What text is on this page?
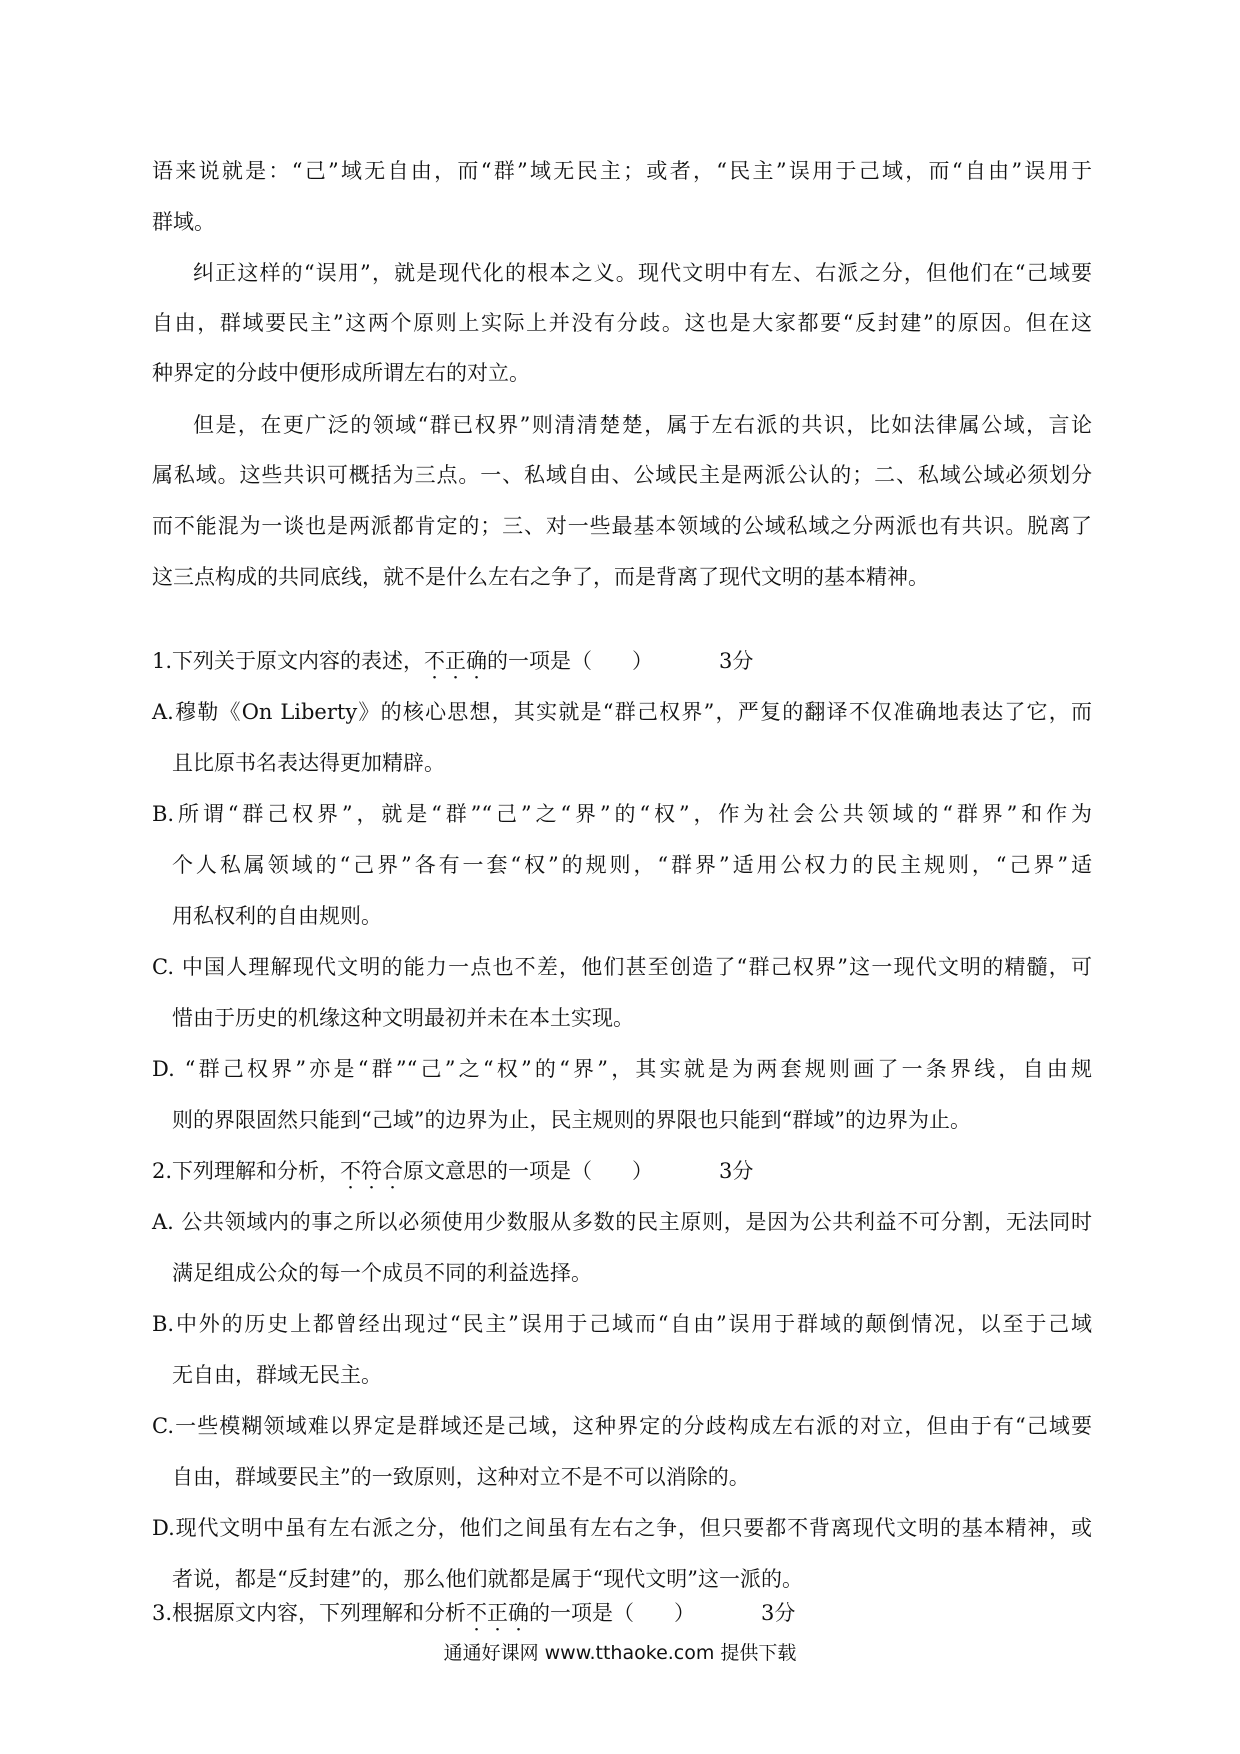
语来说就是：“己”域无自由，而“群”域无民主；或者，“民主”误用于己域，而“自由”误用于
群域。
纠正这样的“误用”，就是现代化的根本之义。现代文明中有左、右派之分，但他们在“己域要
自由，群域要民主”这两个原则上实际上并没有分歧。这也是大家都要“反封建”的原因。但在这
种界定的分歧中便形成所谓左右的对立。
但是，在更广泛的领域“群已权界”则清清楚楚，属于左右派的共识，比如法律属公域，言论
属私域。这些共识可概括为三点。一、私域自由、公域民主是两派公认的；二、私域公域必须划分
而不能混为一谈也是两派都肯定的；三、对一些最基本领域的公域私域之分两派也有共识。脱离了
这三点构成的共同底线，就不是什么左右之争了，而是背离了现代文明的基本精神。
1.下列关于原文内容的表述，不正确的一项是（ ）	3分
A.穆勒《On Liberty》的核心思想，其实就是“群己权界”，严复的翻译不仅准确地表达了它，而
且比原书名表达得更加精辟。
B.所谓“群己权界”，就是“群”“己”之“界”的“权”，作为社会公共领域的“群界”和作为
个人私属领域的“己界”各有一套“权”的规则，“群界”适用公权力的民主规则，“己界”适
用私权利的自由规则。
C. 中国人理解现代文明的能力一点也不差，他们甚至创造了“群己权界”这一现代文明的精髓，可
惜由于历史的机缘这种文明最初并未在本土实现。
D. “群己权界”亦是“群”“己”之“权”的“界”，其实就是为两套规则画了一条界线，自由规
则的界限固然只能到“己域”的边界为止，民主规则的界限也只能到“群域”的边界为止。
2.下列理解和分析，不符合原文意思的一项是（ ）	3分
A. 公共领域内的事之所以必须使用少数服从多数的民主原则，是因为公共利益不可分割，无法同时
满足组成公众的每一个成员不同的利益选择。
B.中外的历史上都曾经出现过“民主”误用于己域而“自由”误用于群域的颠倒情况，以至于己域
无自由，群域无民主。
C.一些模糊领域难以界定是群域还是己域，这种界定的分歧构成左右派的对立，但由于有“己域要
自由，群域要民主”的一致原则，这种对立不是不可以消除的。
D.现代文明中虽有左右派之分，他们之间虽有左右之争，但只要都不背离现代文明的基本精神，或
者说，都是“反封建”的，那么他们就都是属于“现代文明”这一派的。
3.根据原文内容，下列理解和分析不正确的一项是（ ）	3分
通通好课网 www.tthaoke.com 提供下载
